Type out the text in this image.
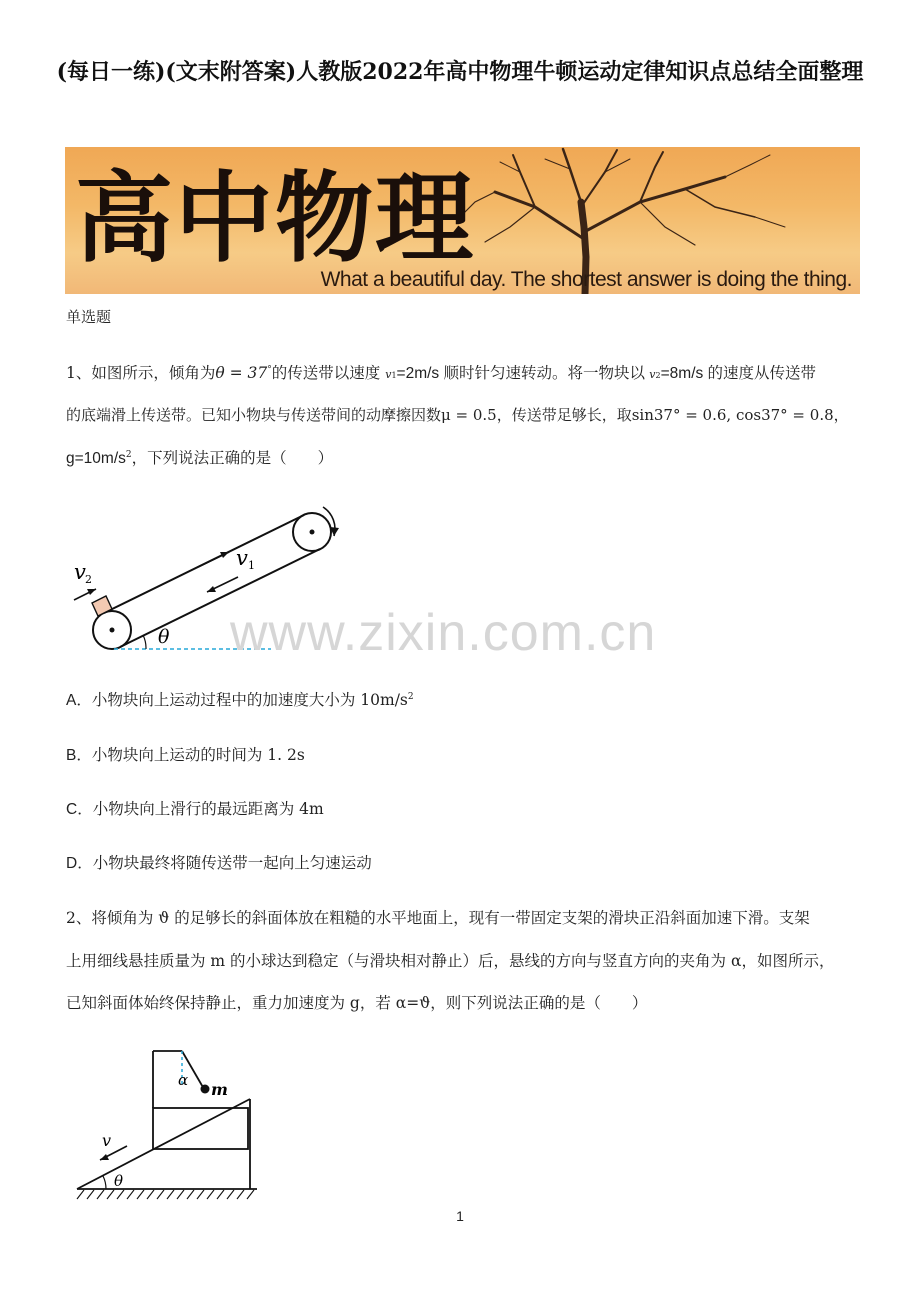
(每日一练)(文末附答案)人教版2022年高中物理牛顿运动定律知识点总结全面整理
高中物理
What a beautiful day. The shortest answer is doing the thing.
单选题
1、如图所示，倾角为θ = 37°的传送带以速度 v1=2m/s 顺时针匀速转动。将一物块以 v2=8m/s 的速度从传送带
的底端滑上传送带。已知小物块与传送带间的动摩擦因数μ = 0.5，传送带足够长，取sin37° = 0.6, cos37° = 0.8，
$g=10m/s^2$，下列说法正确的是（　　）
v 1
v 2
θ www.zixin.com.cn
A．小物块向上运动过程中的加速度大小为 $10m/s^2$
B．小物块向上运动的时间为 1. 2s
C．小物块向上滑行的最远距离为 4m
D．小物块最终将随传送带一起向上匀速运动
2、将倾角为 ϑ 的足够长的斜面体放在粗糙的水平地面上，现有一带固定支架的滑块正沿斜面加速下滑。支架
上用细线悬挂质量为 m 的小球达到稳定（与滑块相对静止）后，悬线的方向与竖直方向的夹角为 α，如图所示，
已知斜面体始终保持静止，重力加速度为 g，若 α=ϑ，则下列说法正确的是（　　）
α m
v
θ
1
